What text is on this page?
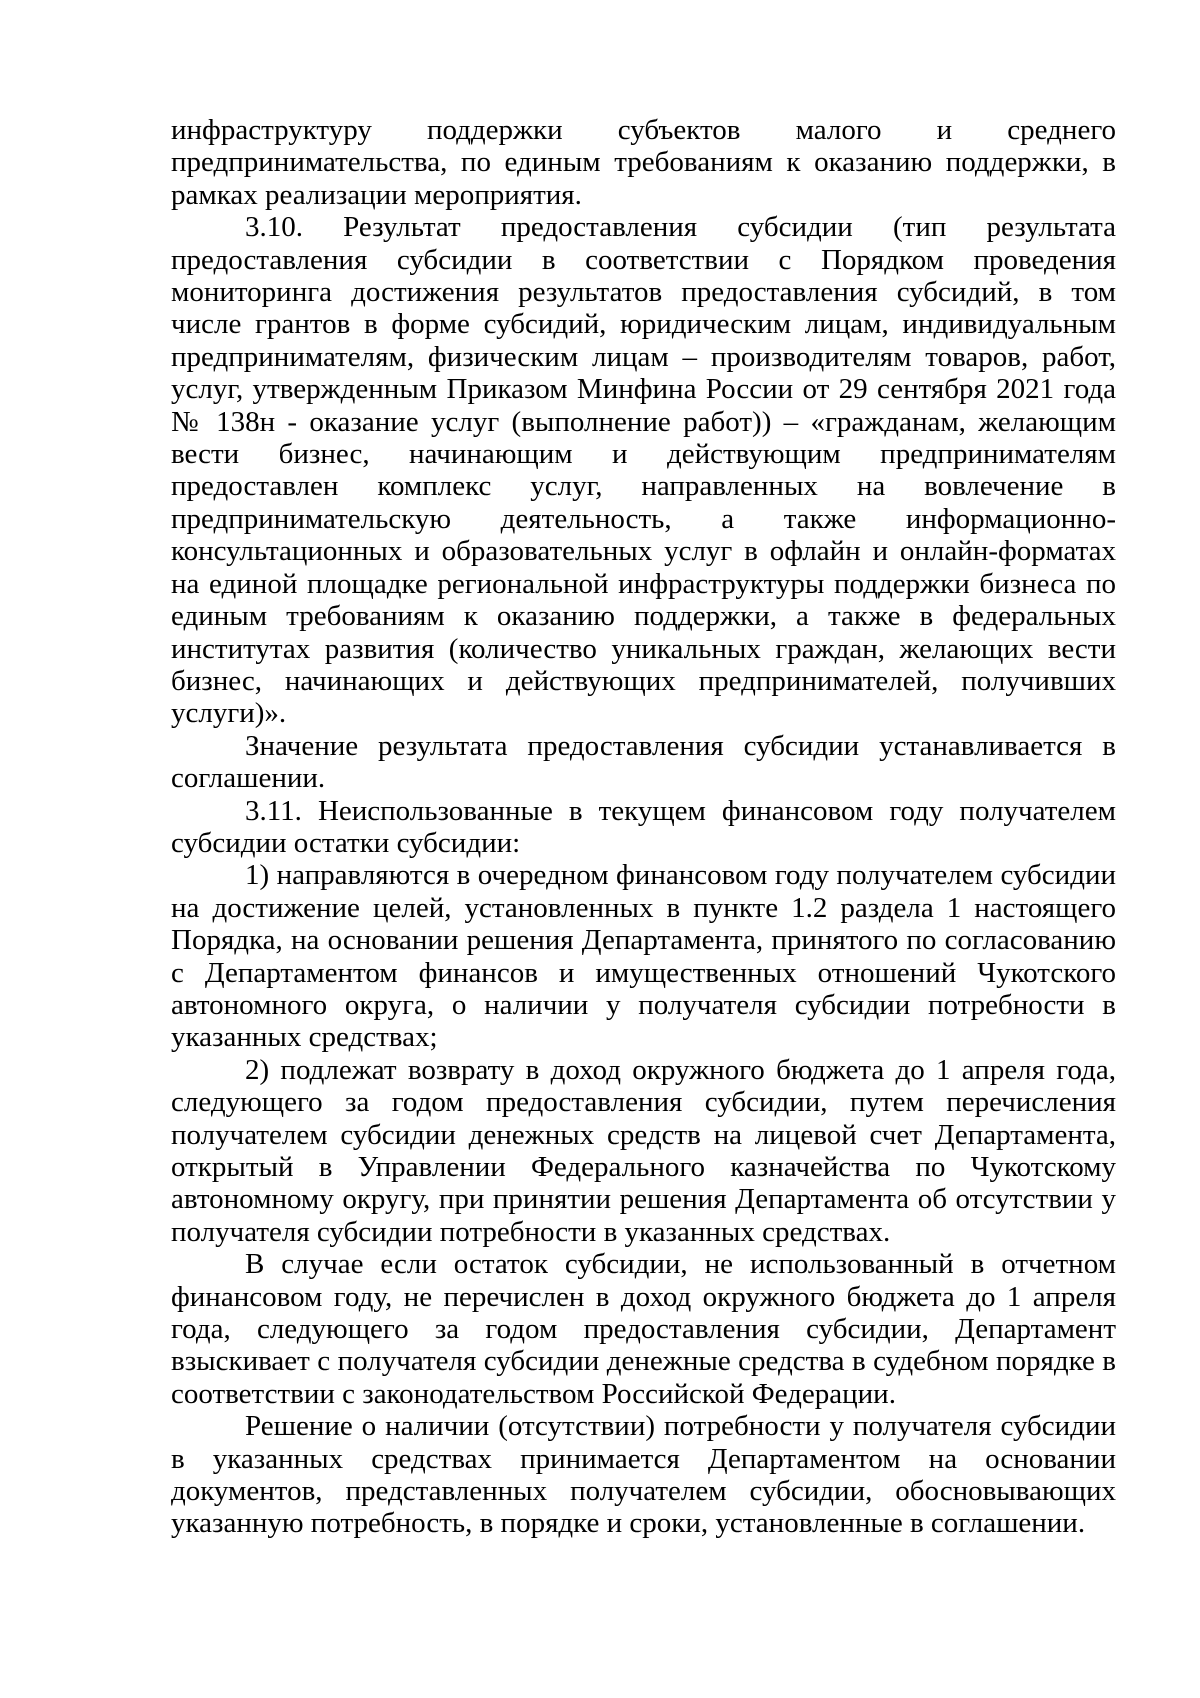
инфраструктуру поддержки субъектов малого и среднего предпринимательства, по единым требованиям к оказанию поддержки, в рамках реализации мероприятия.

3.10. Результат предоставления субсидии (тип результата предоставления субсидии в соответствии с Порядком проведения мониторинга достижения результатов предоставления субсидий, в том числе грантов в форме субсидий, юридическим лицам, индивидуальным предпринимателям, физическим лицам – производителям товаров, работ, услуг, утвержденным Приказом Минфина России от 29 сентября 2021 года № 138н - оказание услуг (выполнение работ)) – «гражданам, желающим вести бизнес, начинающим и действующим предпринимателям предоставлен комплекс услуг, направленных на вовлечение в предпринимательскую деятельность, а также информационно-консультационных и образовательных услуг в офлайн и онлайн-форматах на единой площадке региональной инфраструктуры поддержки бизнеса по единым требованиям к оказанию поддержки, а также в федеральных институтах развития (количество уникальных граждан, желающих вести бизнес, начинающих и действующих предпринимателей, получивших услуги)».

Значение результата предоставления субсидии устанавливается в соглашении.

3.11. Неиспользованные в текущем финансовом году получателем субсидии остатки субсидии:

1) направляются в очередном финансовом году получателем субсидии на достижение целей, установленных в пункте 1.2 раздела 1 настоящего Порядка, на основании решения Департамента, принятого по согласованию с Департаментом финансов и имущественных отношений Чукотского автономного округа, о наличии у получателя субсидии потребности в указанных средствах;

2) подлежат возврату в доход окружного бюджета до 1 апреля года, следующего за годом предоставления субсидии, путем перечисления получателем субсидии денежных средств на лицевой счет Департамента, открытый в Управлении Федерального казначейства по Чукотскому автономному округу, при принятии решения Департамента об отсутствии у получателя субсидии потребности в указанных средствах.

В случае если остаток субсидии, не использованный в отчетном финансовом году, не перечислен в доход окружного бюджета до 1 апреля года, следующего за годом предоставления субсидии, Департамент взыскивает с получателя субсидии денежные средства в судебном порядке в соответствии с законодательством Российской Федерации.

Решение о наличии (отсутствии) потребности у получателя субсидии в указанных средствах принимается Департаментом на основании документов, представленных получателем субсидии, обосновывающих указанную потребность, в порядке и сроки, установленные в соглашении.
